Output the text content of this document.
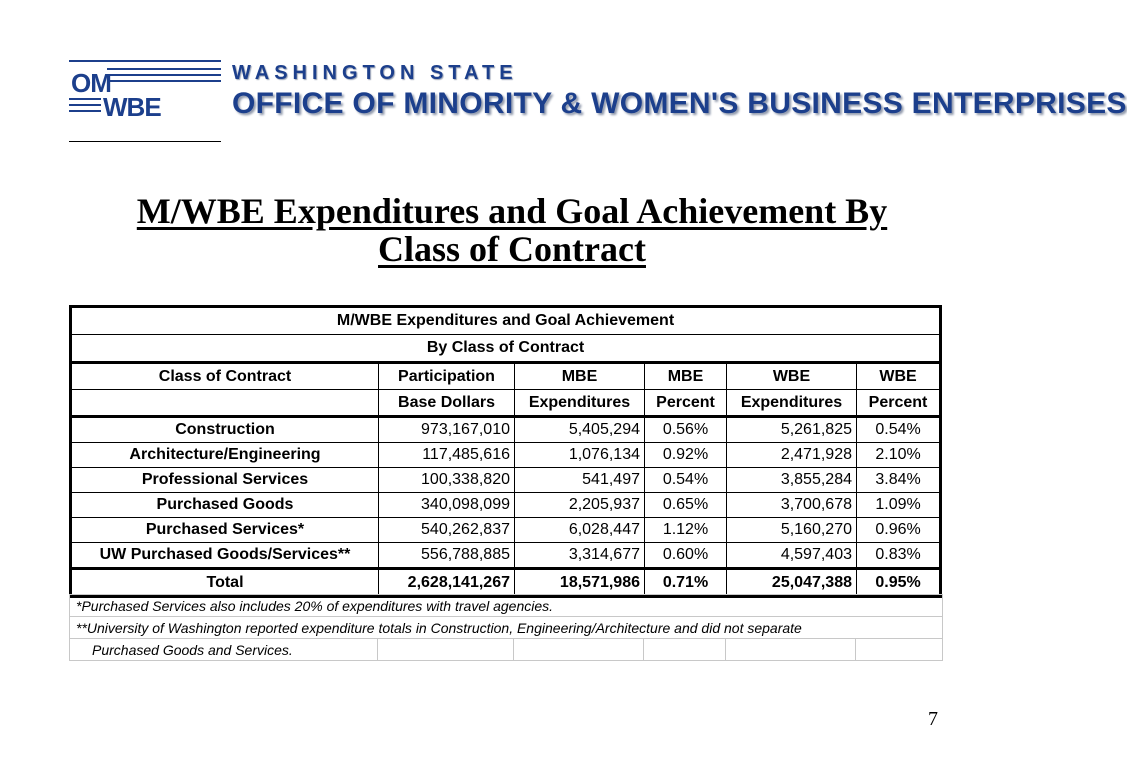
OM
WBE
WASHINGTON STATE
OFFICE OF MINORITY & WOMEN'S BUSINESS ENTERPRISES
M/WBE Expenditures and Goal Achievement By
Class of Contract
M/WBE Expenditures and Goal Achievement					
By Class of Contract					
Class of Contract	Participation	MBE	MBE	WBE	WBE
	Base Dollars	Expenditures	Percent	Expenditures	Percent
Construction	973,167,010	5,405,294	0.56%	5,261,825	0.54%
Architecture/Engineering	117,485,616	1,076,134	0.92%	2,471,928	2.10%
Professional Services	100,338,820	541,497	0.54%	3,855,284	3.84%
Purchased Goods	340,098,099	2,205,937	0.65%	3,700,678	1.09%
Purchased Services*	540,262,837	6,028,447	1.12%	5,160,270	0.96%
UW Purchased Goods/Services**	556,788,885	3,314,677	0.60%	4,597,403	0.83%
Total	2,628,141,267	18,571,986	0.71%	25,047,388	0.95%
*Purchased Services also includes 20% of expenditures with travel agencies.
**University of Washington reported expenditure totals in Construction, Engineering/Architecture and did not separate
Purchased Goods and Services.					
7
